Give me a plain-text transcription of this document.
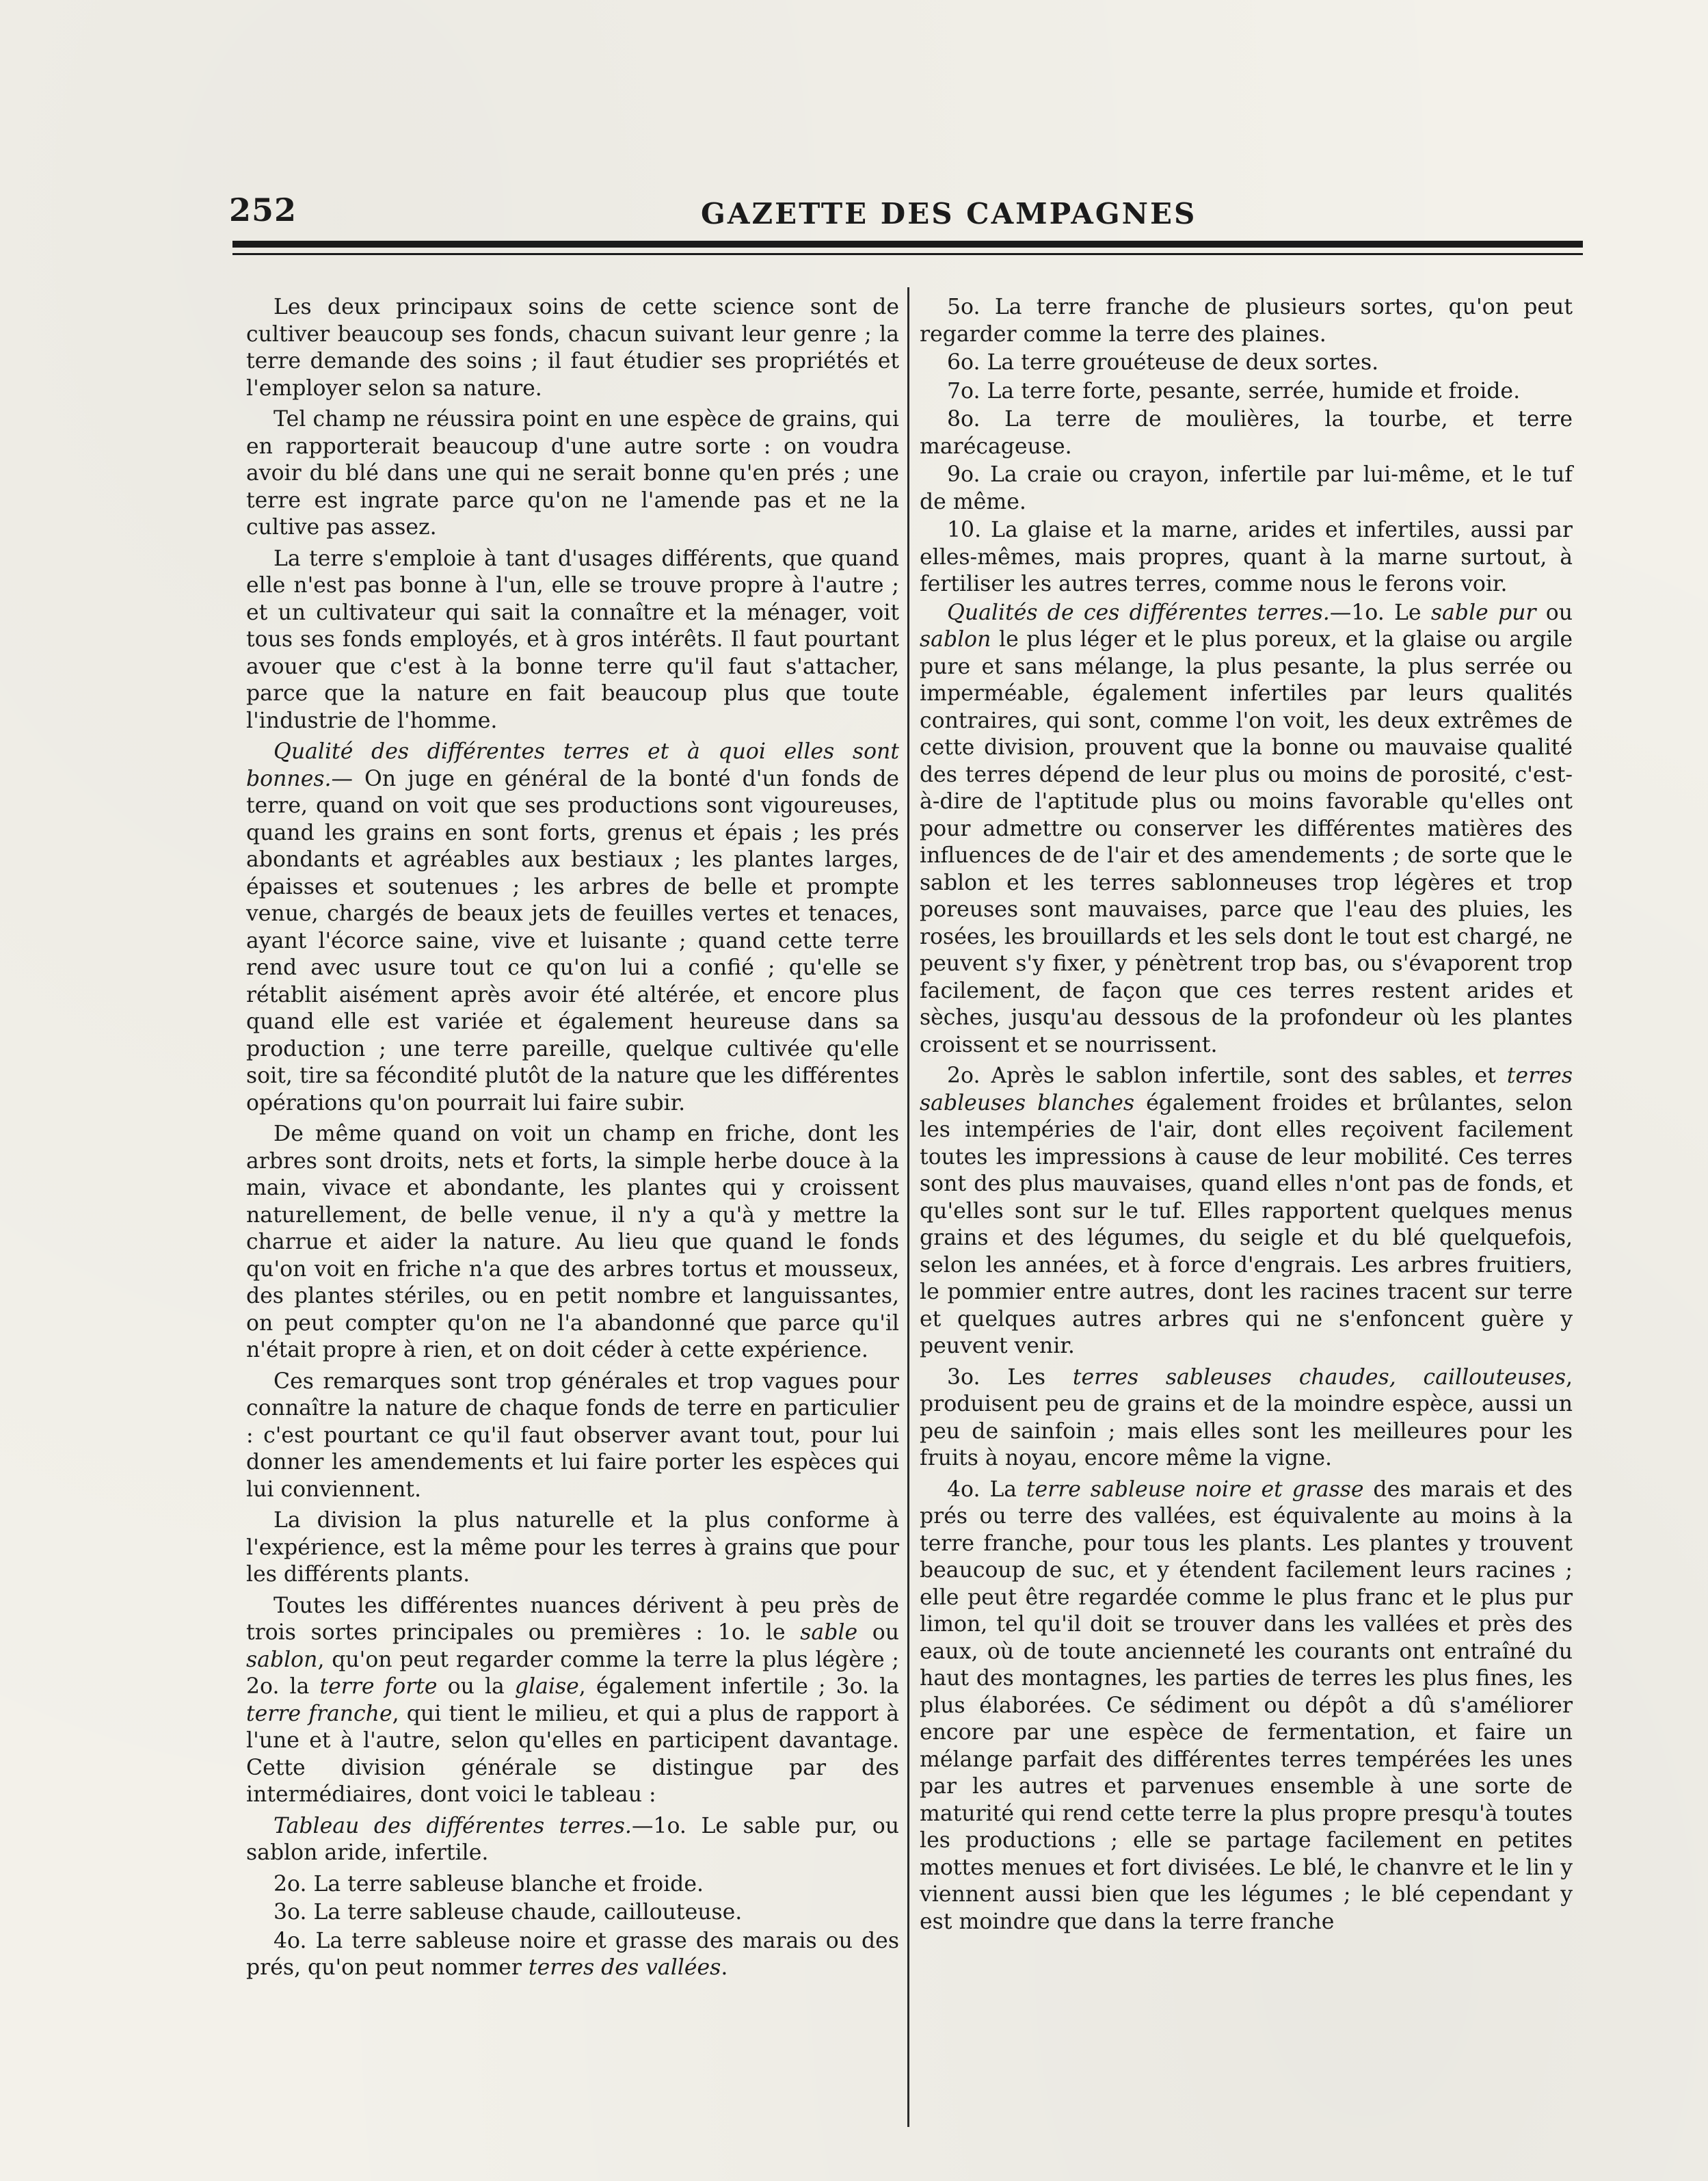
252	GAZETTE DES CAMPAGNES

Les deux principaux soins de cette science sont de cultiver beaucoup ses fonds, chacun suivant leur genre ; la terre demande des soins ; il faut étudier ses propriétés et l'employer selon sa nature.

Tel champ ne réussira point en une espèce de grains, qui en rapporterait beaucoup d'une autre sorte : on voudra avoir du blé dans une qui ne serait bonne qu'en prés ; une terre est ingrate parce qu'on ne l'amende pas et ne la cultive pas assez.

La terre s'emploie à tant d'usages différents, que quand elle n'est pas bonne à l'un, elle se trouve propre à l'autre ; et un cultivateur qui sait la connaître et la ménager, voit tous ses fonds employés, et à gros intérêts. Il faut pourtant avouer que c'est à la bonne terre qu'il faut s'attacher, parce que la nature en fait beaucoup plus que toute l'industrie de l'homme.

Qualité des différentes terres et à quoi elles sont bonnes.— On juge en général de la bonté d'un fonds de terre, quand on voit que ses productions sont vigoureuses, quand les grains en sont forts, grenus et épais ; les prés abondants et agréables aux bestiaux ; les plantes larges, épaisses et soutenues ; les arbres de belle et prompte venue, chargés de beaux jets de feuilles vertes et tenaces, ayant l'écorce saine, vive et luisante ; quand cette terre rend avec usure tout ce qu'on lui a confié ; qu'elle se rétablit aisément après avoir été altérée, et encore plus quand elle est variée et également heureuse dans sa production ; une terre pareille, quelque cultivée qu'elle soit, tire sa fécondité plutôt de la nature que les différentes opérations qu'on pourrait lui faire subir.

De même quand on voit un champ en friche, dont les arbres sont droits, nets et forts, la simple herbe douce à la main, vivace et abondante, les plantes qui y croissent naturellement, de belle venue, il n'y a qu'à y mettre la charrue et aider la nature. Au lieu que quand le fonds qu'on voit en friche n'a que des arbres tortus et mousseux, des plantes stériles, ou en petit nombre et languissantes, on peut compter qu'on ne l'a abandonné que parce qu'il n'était propre à rien, et on doit céder à cette expérience.

Ces remarques sont trop générales et trop vagues pour connaître la nature de chaque fonds de terre en particulier : c'est pourtant ce qu'il faut observer avant tout, pour lui donner les amendements et lui faire porter les espèces qui lui conviennent.

La division la plus naturelle et la plus conforme à l'expérience, est la même pour les terres à grains que pour les différents plants.

Toutes les différentes nuances dérivent à peu près de trois sortes principales ou premières : 1o. le sable ou sablon, qu'on peut regarder comme la terre la plus légère ; 2o. la terre forte ou la glaise, également infertile ; 3o. la terre franche, qui tient le milieu, et qui a plus de rapport à l'une et à l'autre, selon qu'elles en participent davantage. Cette division générale se distingue par des intermédiaires, dont voici le tableau :

Tableau des différentes terres.—1o. Le sable pur, ou sablon aride, infertile.

2o. La terre sableuse blanche et froide.

3o. La terre sableuse chaude, caillouteuse.

4o. La terre sableuse noire et grasse des marais ou des prés, qu'on peut nommer terres des vallées.

5o. La terre franche de plusieurs sortes, qu'on peut regarder comme la terre des plaines.

6o. La terre grouéteuse de deux sortes.

7o. La terre forte, pesante, serrée, humide et froide.

8o. La terre de moulières, la tourbe, et terre marécageuse.

9o. La craie ou crayon, infertile par lui-même, et le tuf de même.

10. La glaise et la marne, arides et infertiles, aussi par elles-mêmes, mais propres, quant à la marne surtout, à fertiliser les autres terres, comme nous le ferons voir.

Qualités de ces différentes terres.—1o. Le sable pur ou sablon le plus léger et le plus poreux, et la glaise ou argile pure et sans mélange, la plus pesante, la plus serrée ou imperméable, également infertiles par leurs qualités contraires, qui sont, comme l'on voit, les deux extrêmes de cette division, prouvent que la bonne ou mauvaise qualité des terres dépend de leur plus ou moins de porosité, c'est-à-dire de l'aptitude plus ou moins favorable qu'elles ont pour admettre ou conserver les différentes matières des influences de de l'air et des amendements ; de sorte que le sablon et les terres sablonneuses trop légères et trop poreuses sont mauvaises, parce que l'eau des pluies, les rosées, les brouillards et les sels dont le tout est chargé, ne peuvent s'y fixer, y pénètrent trop bas, ou s'évaporent trop facilement, de façon que ces terres restent arides et sèches, jusqu'au dessous de la profondeur où les plantes croissent et se nourrissent.

2o. Après le sablon infertile, sont des sables, et terres sableuses blanches également froides et brûlantes, selon les intempéries de l'air, dont elles reçoivent facilement toutes les impressions à cause de leur mobilité. Ces terres sont des plus mauvaises, quand elles n'ont pas de fonds, et qu'elles sont sur le tuf. Elles rapportent quelques menus grains et des légumes, du seigle et du blé quelquefois, selon les années, et à force d'engrais. Les arbres fruitiers, le pommier entre autres, dont les racines tracent sur terre et quelques autres arbres qui ne s'enfoncent guère y peuvent venir.

3o. Les terres sableuses chaudes, caillouteuses, produisent peu de grains et de la moindre espèce, aussi un peu de sainfoin ; mais elles sont les meilleures pour les fruits à noyau, encore même la vigne.

4o. La terre sableuse noire et grasse des marais et des prés ou terre des vallées, est équivalente au moins à la terre franche, pour tous les plants. Les plantes y trouvent beaucoup de suc, et y étendent facilement leurs racines ; elle peut être regardée comme le plus franc et le plus pur limon, tel qu'il doit se trouver dans les vallées et près des eaux, où de toute ancienneté les courants ont entraîné du haut des montagnes, les parties de terres les plus fines, les plus élaborées. Ce sédiment ou dépôt a dû s'améliorer encore par une espèce de fermentation, et faire un mélange parfait des différentes terres tempérées les unes par les autres et parvenues ensemble à une sorte de maturité qui rend cette terre la plus propre presqu'à toutes les productions ; elle se partage facilement en petites mottes menues et fort divisées. Le blé, le chanvre et le lin y viennent aussi bien que les légumes ; le blé cependant y est moindre que dans la terre franche
